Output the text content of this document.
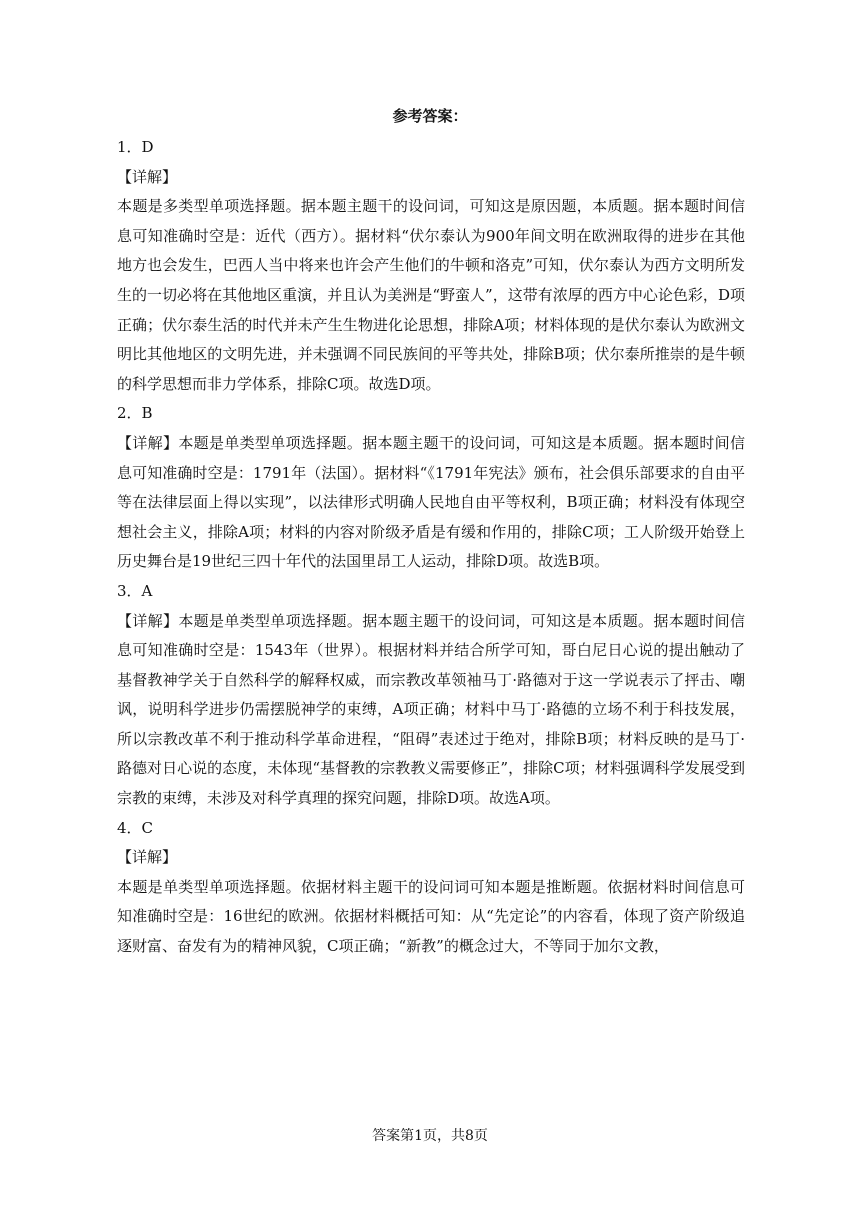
参考答案：

1．D

【详解】

本题是多类型单项选择题。据本题主题干的设问词，可知这是原因题，本质题。据本题时间信息可知准确时空是：近代（西方）。据材料“伏尔泰认为900年间文明在欧洲取得的进步在其他地方也会发生，巴西人当中将来也许会产生他们的牛顿和洛克”可知，伏尔泰认为西方文明所发生的一切必将在其他地区重演，并且认为美洲是“野蛮人”，这带有浓厚的西方中心论色彩，D项正确；伏尔泰生活的时代并未产生生物进化论思想，排除A项；材料体现的是伏尔泰认为欧洲文明比其他地区的文明先进，并未强调不同民族间的平等共处，排除B项；伏尔泰所推崇的是牛顿的科学思想而非力学体系，排除C项。故选D项。

2．B

【详解】本题是单类型单项选择题。据本题主题干的设问词，可知这是本质题。据本题时间信息可知准确时空是：1791年（法国）。据材料“《1791年宪法》颁布，社会俱乐部要求的自由平等在法律层面上得以实现”，以法律形式明确人民地自由平等权利，B项正确；材料没有体现空想社会主义，排除A项；材料的内容对阶级矛盾是有缓和作用的，排除C项；工人阶级开始登上历史舞台是19世纪三四十年代的法国里昂工人运动，排除D项。故选B项。

3．A

【详解】本题是单类型单项选择题。据本题主题干的设问词，可知这是本质题。据本题时间信息可知准确时空是：1543年（世界）。根据材料并结合所学可知，哥白尼日心说的提出触动了基督教神学关于自然科学的解释权威，而宗教改革领袖马丁·路德对于这一学说表示了抨击、嘲讽，说明科学进步仍需摆脱神学的束缚，A项正确；材料中马丁·路德的立场不利于科技发展，所以宗教改革不利于推动科学革命进程，“阻碍”表述过于绝对，排除B项；材料反映的是马丁·路德对日心说的态度，未体现“基督教的宗教教义需要修正”，排除C项；材料强调科学发展受到宗教的束缚，未涉及对科学真理的探究问题，排除D项。故选A项。

4．C

【详解】

本题是单类型单项选择题。依据材料主题干的设问词可知本题是推断题。依据材料时间信息可知准确时空是：16世纪的欧洲。依据材料概括可知：从“先定论”的内容看，体现了资产阶级追逐财富、奋发有为的精神风貌，C项正确；“新教”的概念过大，不等同于加尔文教，

答案第1页，共8页
